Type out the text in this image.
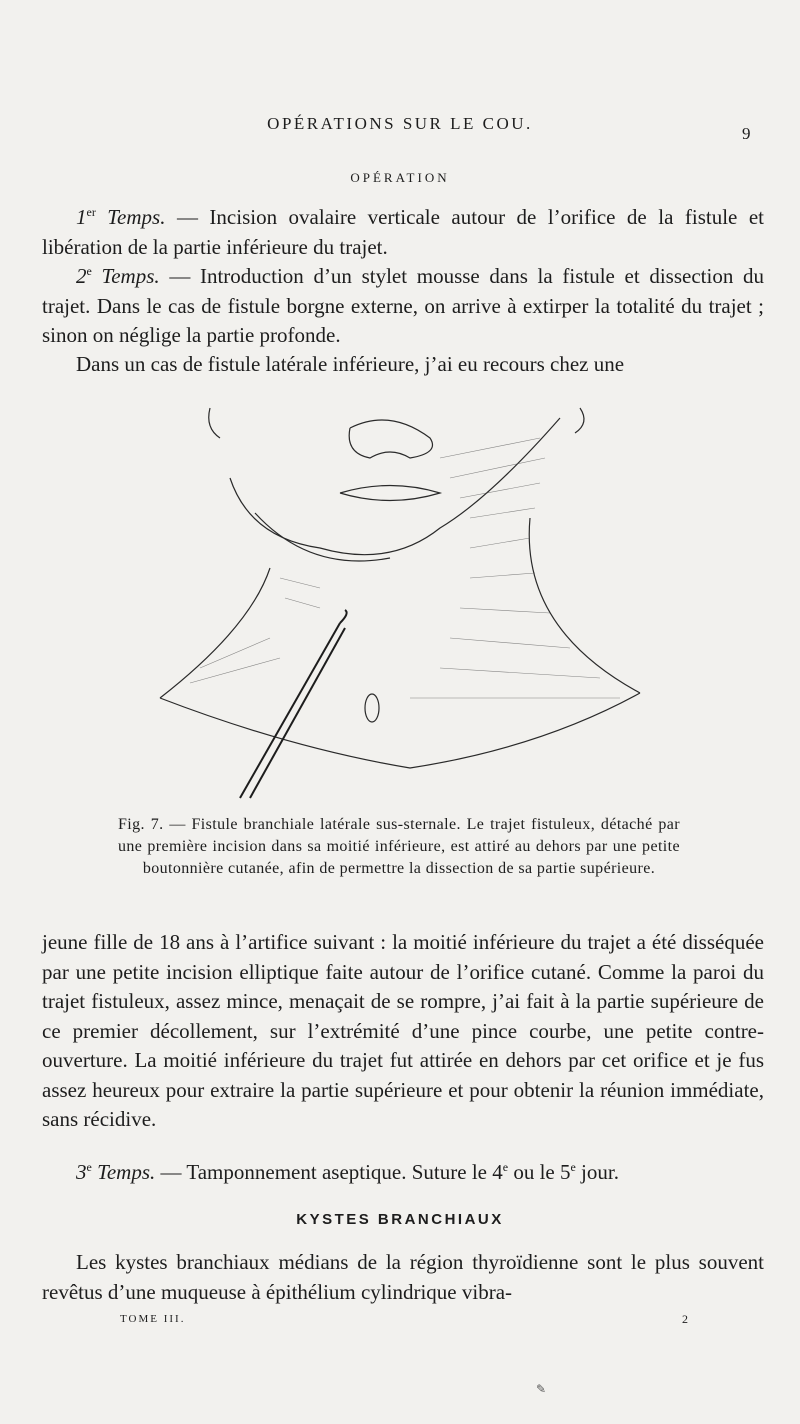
OPÉRATIONS SUR LE COU.
9
OPÉRATION

1er Temps. — Incision ovalaire verticale autour de l’orifice de la fistule et libération de la partie inférieure du trajet.

2e Temps. — Introduction d’un stylet mousse dans la fistule et dissection du trajet. Dans le cas de fistule borgne externe, on arrive à extirper la totalité du trajet ; sinon on néglige la partie profonde.

Dans un cas de fistule latérale inférieure, j’ai eu recours chez une

Fig. 7. — Fistule branchiale latérale sus-sternale. Le trajet fistuleux, détaché par une première incision dans sa moitié inférieure, est attiré au dehors par une petite boutonnière cutanée, afin de permettre la dissection de sa partie supérieure.

jeune fille de 18 ans à l’artifice suivant : la moitié inférieure du trajet a été disséquée par une petite incision elliptique faite autour de l’orifice cutané. Comme la paroi du trajet fistuleux, assez mince, menaçait de se rompre, j’ai fait à la partie supérieure de ce premier décollement, sur l’extrémité d’une pince courbe, une petite contre-ouverture. La moitié inférieure du trajet fut attirée en dehors par cet orifice et je fus assez heureux pour extraire la partie supérieure et pour obtenir la réunion immédiate, sans récidive.

3e Temps. — Tamponnement aseptique. Suture le 4e ou le 5e jour.

KYSTES BRANCHIAUX

Les kystes branchiaux médians de la région thyroïdienne sont le plus souvent revêtus d’une muqueuse à épithélium cylindrique vibra-

TOME III.	2
✎
